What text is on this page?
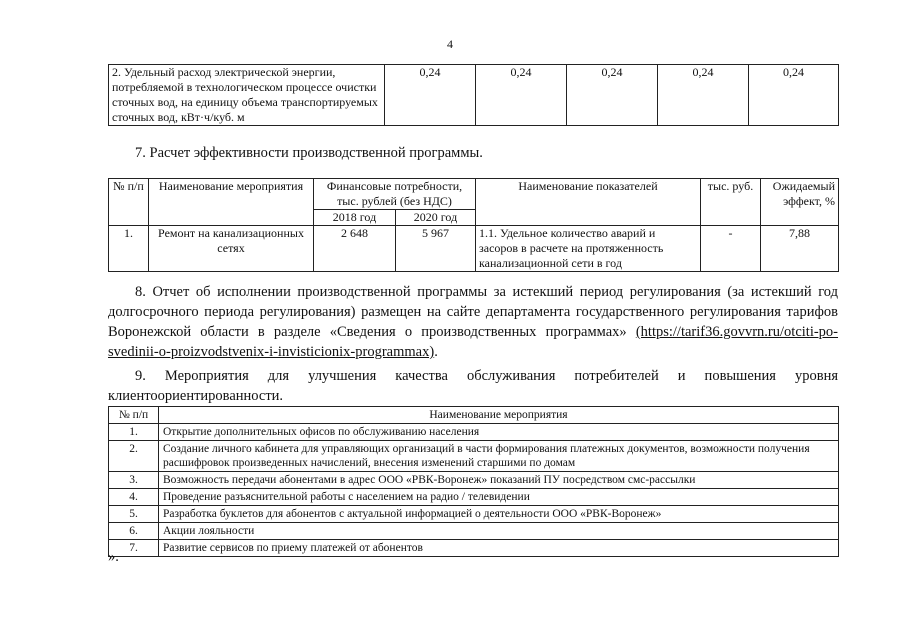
4
2. Удельный расход электрической энергии, потребляемой в технологическом процессе очистки сточных вод, на единицу объема транспортируемых сточных вод, кВт·ч/куб. м	0,24	0,24	0,24	0,24	0,24
7. Расчет эффективности производственной программы.
№ п/п	Наименование мероприятия	Финансовые потребности, тыс. рублей (без НДС)		Наименование показателей	тыс. руб.	Ожидаемый эффект, %
		2018 год	2020 год			
1.	Ремонт на канализационных сетях	2 648	5 967	1.1. Удельное количество аварий и засоров в расчете на протяженность канализационной сети в год	-	7,88
8. Отчет об исполнении производственной программы за истекший период регулирования (за истекший год долгосрочного периода регулирования) размещен на сайте департамента государственного регулирования тарифов Воронежской области в разделе «Сведения о производственных программах» (https://tarif36.govvrn.ru/otciti-po-svedinii-o-proizvodstvenix-i-invisticionix-programmax).
9. Мероприятия для улучшения качества обслуживания потребителей и повышения уровня клиентоориентированности.
№ п/п	Наименование мероприятия
1.	Открытие дополнительных офисов по обслуживанию населения
2.	Создание личного кабинета для управляющих организаций в части формирования платежных документов, возможности получения расшифровок произведенных начислений, внесения изменений старшими по домам
3.	Возможность передачи абонентами в адрес ООО «РВК-Воронеж» показаний ПУ посредством смс-рассылки
4.	Проведение разъяснительной работы с населением на радио / телевидении
5.	Разработка буклетов для абонентов с актуальной информацией о деятельности ООО «РВК-Воронеж»
6.	Акции лояльности
7.	Развитие сервисов по приему платежей от абонентов
».
